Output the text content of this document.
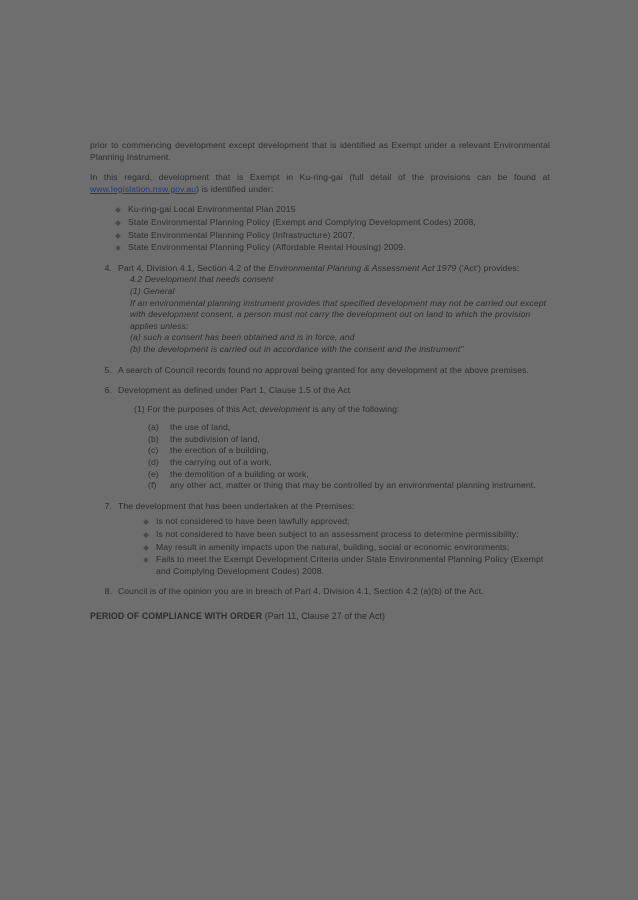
prior to commencing development except development that is identified as Exempt under a relevant Environmental Planning Instrument.
In this regard, development that is Exempt in Ku-ring-gai (full detail of the provisions can be found at www.legislation.nsw.gov.au) is identified under:
Ku-ring-gai Local Environmental Plan 2015
State Environmental Planning Policy (Exempt and Complying Development Codes) 2008,
State Environmental Planning Policy (Infrastructure) 2007,
State Environmental Planning Policy (Affordable Rental Housing) 2009.
4. Part 4, Division 4.1, Section 4.2 of the Environmental Planning & Assessment Act 1979 ('Act') provides:
4.2 Development that needs consent
(1) General
If an environmental planning instrument provides that specified development may not be carried out except with development consent, a person must not carry the development out on land to which the provision applies unless:
(a) such a consent has been obtained and is in force, and
(b) the development is carried out in accordance with the consent and the instrument"
5. A search of Council records found no approval being granted for any development at the above premises.
6. Development as defined under Part 1, Clause 1.5 of the Act
(1) For the purposes of this Act, development is any of the following:
(a)	the use of land,
(b)	the subdivision of land,
(c)	the erection of a building,
(d)	the carrying out of a work,
(e)	the demolition of a building or work,
(f)	any other act, matter or thing that may be controlled by an environmental planning instrument.
7. The development that has been undertaken at the Premises:
Is not considered to have been lawfully approved;
Is not considered to have been subject to an assessment process to determine permissibility;
May result in amenity impacts upon the natural, building, social or economic environments;
Fails to meet the Exempt Development Criteria under State Environmental Planning Policy (Exempt and Complying Development Codes) 2008.
8. Council is of the opinion you are in breach of Part 4, Division 4.1, Section 4.2 (a)(b) of the Act.
PERIOD OF COMPLIANCE WITH ORDER (Part 11, Clause 27 of the Act)
